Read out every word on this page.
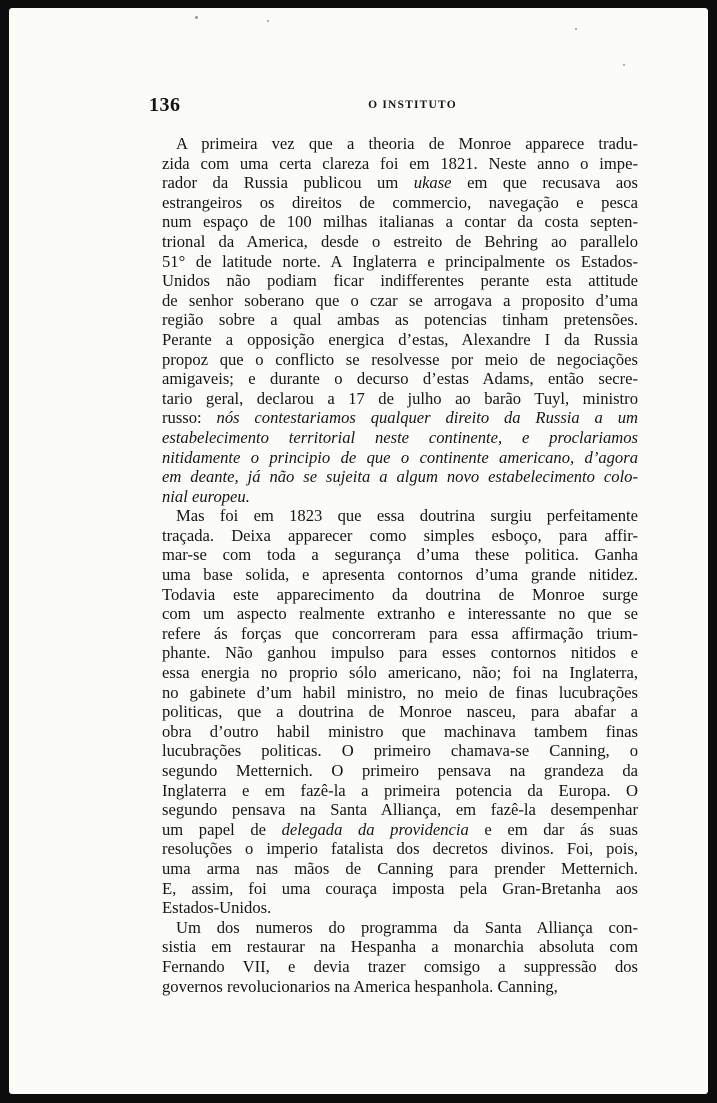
136	O INSTITUTO
A primeira vez que a theoria de Monroe apparece tradu-
zida com uma certa clareza foi em 1821. Neste anno o impe-
rador da Russia publicou um ukase em que recusava aos
estrangeiros os direitos de commercio, navegação e pesca
num espaço de 100 milhas italianas a contar da costa septen-
trional da America, desde o estreito de Behring ao parallelo
51° de latitude norte. A Inglaterra e principalmente os Estados-
Unidos não podiam ficar indifferentes perante esta attitude
de senhor soberano que o czar se arrogava a proposito d’uma
região sobre a qual ambas as potencias tinham pretensões.
Perante a opposição energica d’estas, Alexandre I da Russia
propoz que o conflicto se resolvesse por meio de negociações
amigaveis; e durante o decurso d’estas Adams, então secre-
tario geral, declarou a 17 de julho ao barão Tuyl, ministro
russo: nós contestariamos qualquer direito da Russia a um
estabelecimento territorial neste continente, e proclariamos
nitidamente o principio de que o continente americano, d’agora
em deante, já não se sujeita a algum novo estabelecimento colo-
nial europeu.
Mas foi em 1823 que essa doutrina surgiu perfeitamente
traçada. Deixa apparecer como simples esboço, para affir-
mar-se com toda a segurança d’uma these politica. Ganha
uma base solida, e apresenta contornos d’uma grande nitidez.
Todavia este apparecimento da doutrina de Monroe surge
com um aspecto realmente extranho e interessante no que se
refere ás forças que concorreram para essa affirmação trium-
phante. Não ganhou impulso para esses contornos nitidos e
essa energia no proprio sólo americano, não; foi na Inglaterra,
no gabinete d’um habil ministro, no meio de finas lucubrações
politicas, que a doutrina de Monroe nasceu, para abafar a
obra d’outro habil ministro que machinava tambem finas
lucubrações politicas. O primeiro chamava-se Canning, o
segundo Metternich. O primeiro pensava na grandeza da
Inglaterra e em fazê-la a primeira potencia da Europa. O
segundo pensava na Santa Alliança, em fazê-la desempenhar
um papel de delegada da providencia e em dar ás suas
resoluções o imperio fatalista dos decretos divinos. Foi, pois,
uma arma nas mãos de Canning para prender Metternich.
E, assim, foi uma couraça imposta pela Gran-Bretanha aos
Estados-Unidos.
Um dos numeros do programma da Santa Alliança con-
sistia em restaurar na Hespanha a monarchia absoluta com
Fernando VII, e devia trazer comsigo a suppressão dos
governos revolucionarios na America hespanhola. Canning,
